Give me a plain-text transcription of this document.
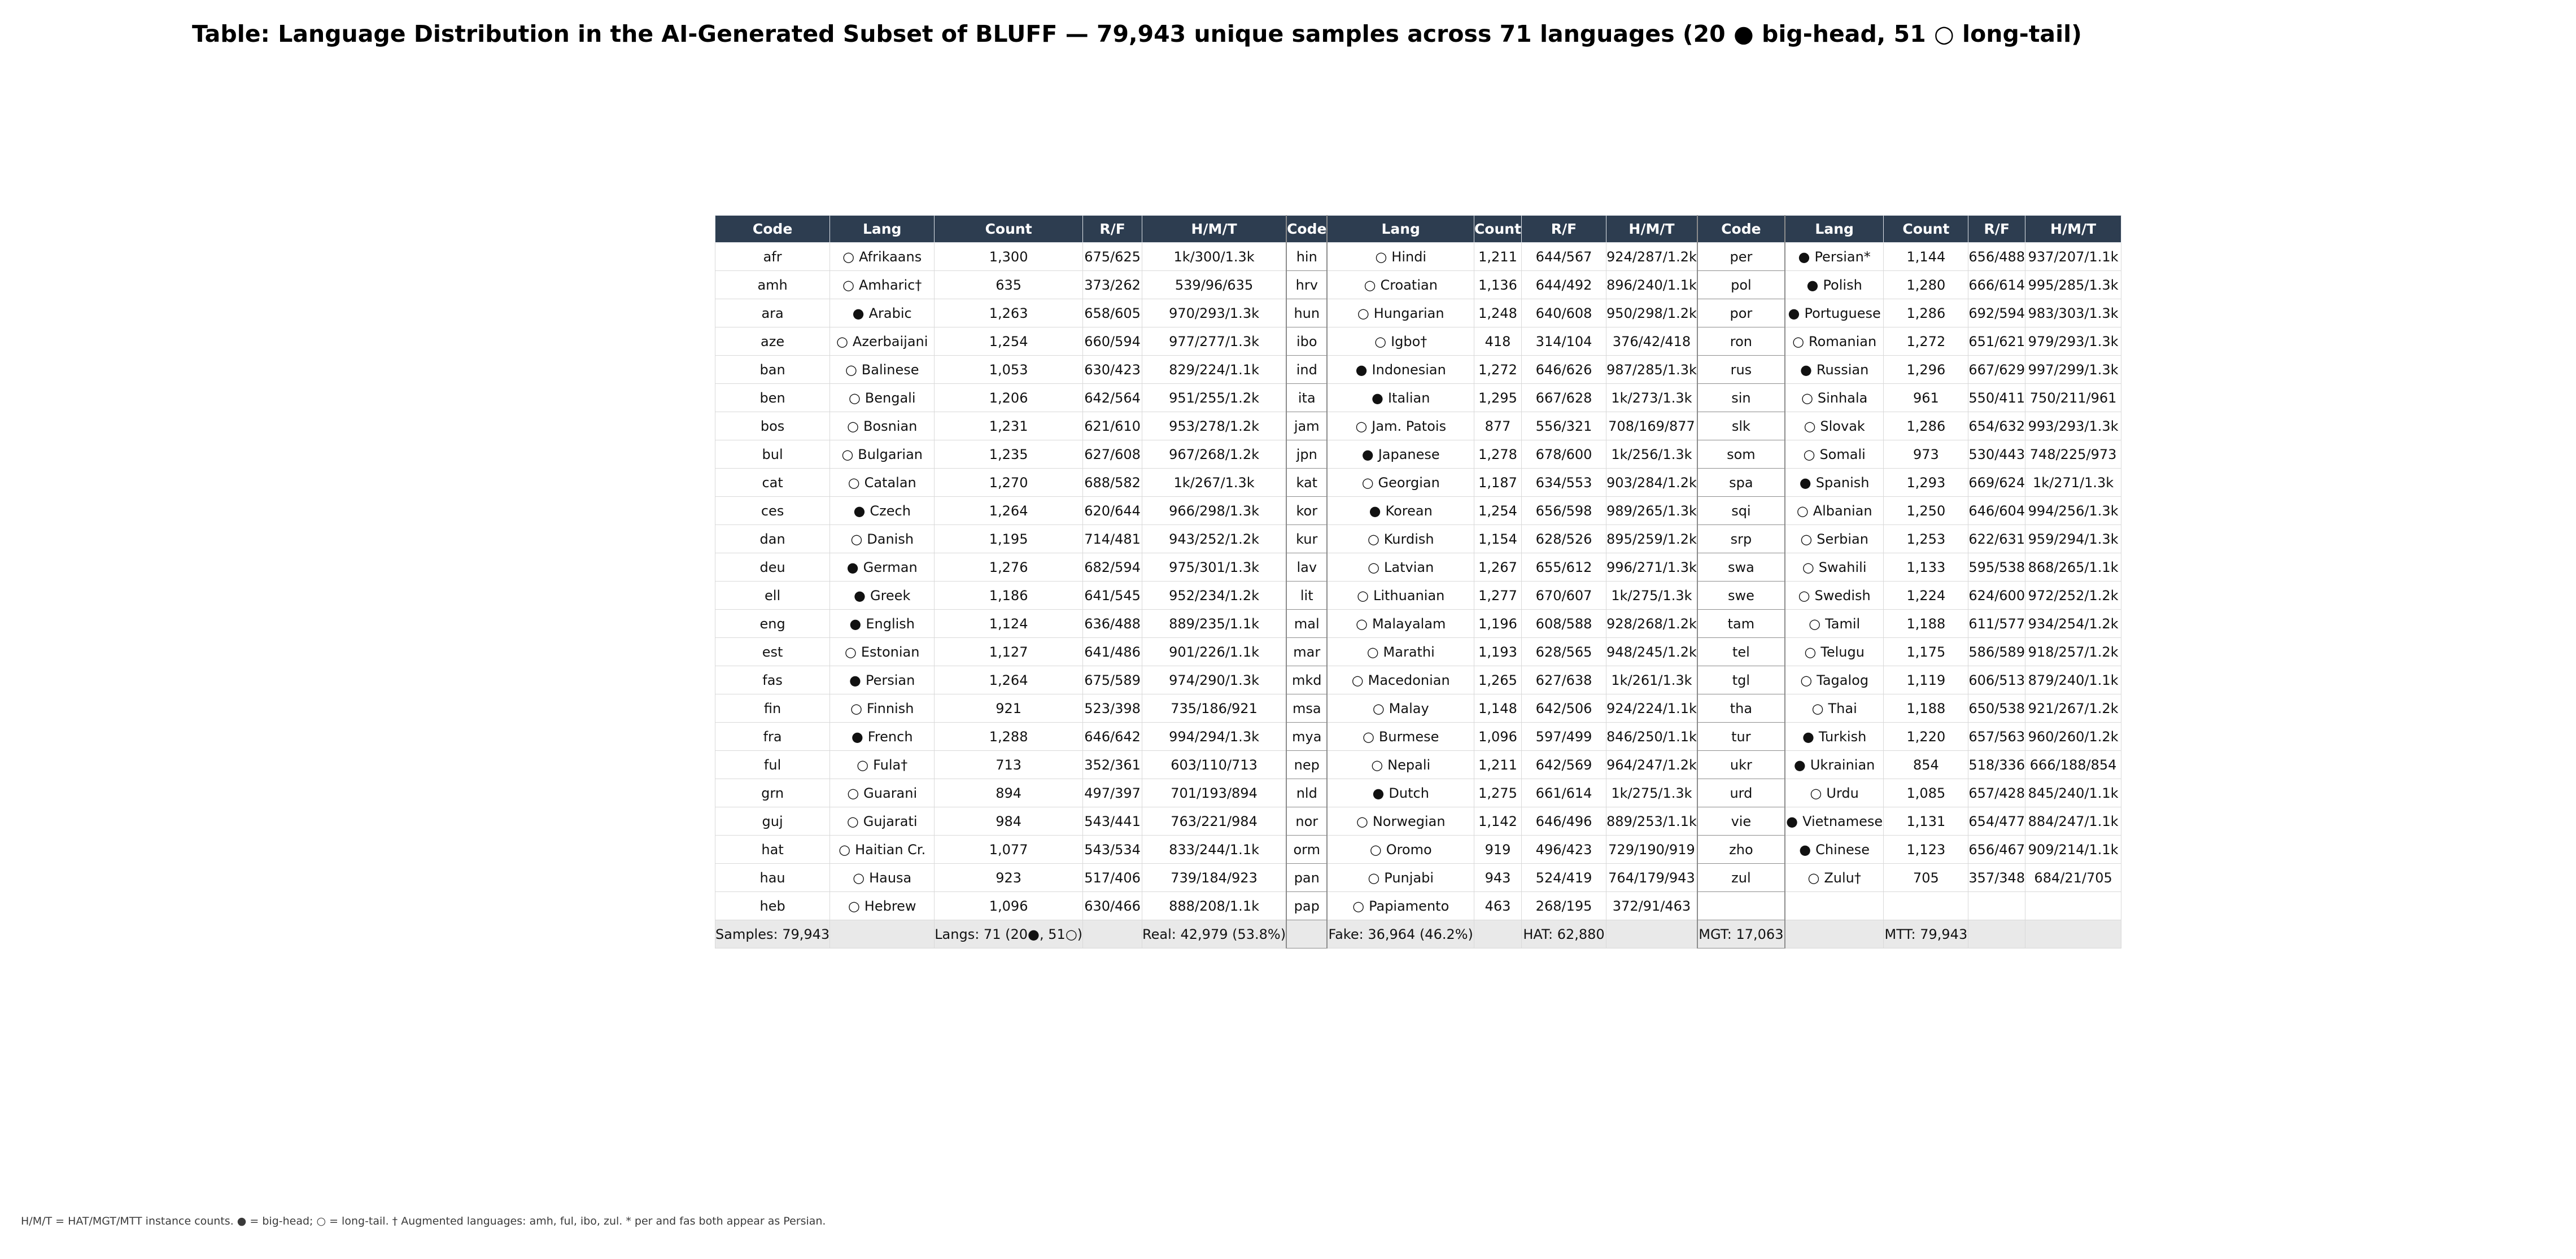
Table: Language Distribution in the AI-Generated Subset of BLUFF — 79,943 unique samples across 71 languages (20 ● big-head, 51 ○ long-tail)
Code	Lang	Count	R/F	H/M/T	Code	Lang	Count	R/F	H/M/T	Code	Lang	Count	R/F	H/M/T
afr	○ Afrikaans	1,300	675/625	1k/300/1.3k	hin	○ Hindi	1,211	644/567	924/287/1.2k	per	● Persian*	1,144	656/488	937/207/1.1k
amh	○ Amharic†	635	373/262	539/96/635	hrv	○ Croatian	1,136	644/492	896/240/1.1k	pol	● Polish	1,280	666/614	995/285/1.3k
ara	● Arabic	1,263	658/605	970/293/1.3k	hun	○ Hungarian	1,248	640/608	950/298/1.2k	por	● Portuguese	1,286	692/594	983/303/1.3k
aze	○ Azerbaijani	1,254	660/594	977/277/1.3k	ibo	○ Igbo†	418	314/104	376/42/418	ron	○ Romanian	1,272	651/621	979/293/1.3k
ban	○ Balinese	1,053	630/423	829/224/1.1k	ind	● Indonesian	1,272	646/626	987/285/1.3k	rus	● Russian	1,296	667/629	997/299/1.3k
ben	○ Bengali	1,206	642/564	951/255/1.2k	ita	● Italian	1,295	667/628	1k/273/1.3k	sin	○ Sinhala	961	550/411	750/211/961
bos	○ Bosnian	1,231	621/610	953/278/1.2k	jam	○ Jam. Patois	877	556/321	708/169/877	slk	○ Slovak	1,286	654/632	993/293/1.3k
bul	○ Bulgarian	1,235	627/608	967/268/1.2k	jpn	● Japanese	1,278	678/600	1k/256/1.3k	som	○ Somali	973	530/443	748/225/973
cat	○ Catalan	1,270	688/582	1k/267/1.3k	kat	○ Georgian	1,187	634/553	903/284/1.2k	spa	● Spanish	1,293	669/624	1k/271/1.3k
ces	● Czech	1,264	620/644	966/298/1.3k	kor	● Korean	1,254	656/598	989/265/1.3k	sqi	○ Albanian	1,250	646/604	994/256/1.3k
dan	○ Danish	1,195	714/481	943/252/1.2k	kur	○ Kurdish	1,154	628/526	895/259/1.2k	srp	○ Serbian	1,253	622/631	959/294/1.3k
deu	● German	1,276	682/594	975/301/1.3k	lav	○ Latvian	1,267	655/612	996/271/1.3k	swa	○ Swahili	1,133	595/538	868/265/1.1k
ell	● Greek	1,186	641/545	952/234/1.2k	lit	○ Lithuanian	1,277	670/607	1k/275/1.3k	swe	○ Swedish	1,224	624/600	972/252/1.2k
eng	● English	1,124	636/488	889/235/1.1k	mal	○ Malayalam	1,196	608/588	928/268/1.2k	tam	○ Tamil	1,188	611/577	934/254/1.2k
est	○ Estonian	1,127	641/486	901/226/1.1k	mar	○ Marathi	1,193	628/565	948/245/1.2k	tel	○ Telugu	1,175	586/589	918/257/1.2k
fas	● Persian	1,264	675/589	974/290/1.3k	mkd	○ Macedonian	1,265	627/638	1k/261/1.3k	tgl	○ Tagalog	1,119	606/513	879/240/1.1k
fin	○ Finnish	921	523/398	735/186/921	msa	○ Malay	1,148	642/506	924/224/1.1k	tha	○ Thai	1,188	650/538	921/267/1.2k
fra	● French	1,288	646/642	994/294/1.3k	mya	○ Burmese	1,096	597/499	846/250/1.1k	tur	● Turkish	1,220	657/563	960/260/1.2k
ful	○ Fula†	713	352/361	603/110/713	nep	○ Nepali	1,211	642/569	964/247/1.2k	ukr	● Ukrainian	854	518/336	666/188/854
grn	○ Guarani	894	497/397	701/193/894	nld	● Dutch	1,275	661/614	1k/275/1.3k	urd	○ Urdu	1,085	657/428	845/240/1.1k
guj	○ Gujarati	984	543/441	763/221/984	nor	○ Norwegian	1,142	646/496	889/253/1.1k	vie	● Vietnamese	1,131	654/477	884/247/1.1k
hat	○ Haitian Cr.	1,077	543/534	833/244/1.1k	orm	○ Oromo	919	496/423	729/190/919	zho	● Chinese	1,123	656/467	909/214/1.1k
hau	○ Hausa	923	517/406	739/184/923	pan	○ Punjabi	943	524/419	764/179/943	zul	○ Zulu†	705	357/348	684/21/705
heb	○ Hebrew	1,096	630/466	888/208/1.1k	pap	○ Papiamento	463	268/195	372/91/463					
Samples: 79,943		Langs: 71 (20●, 51○)		Real: 42,979 (53.8%)		Fake: 36,964 (46.2%)		HAT: 62,880		MGT: 17,063		MTT: 79,943		
H/M/T = HAT/MGT/MTT instance counts. ● = big-head; ○ = long-tail. † Augmented languages: amh, ful, ibo, zul. * per and fas both appear as Persian.
